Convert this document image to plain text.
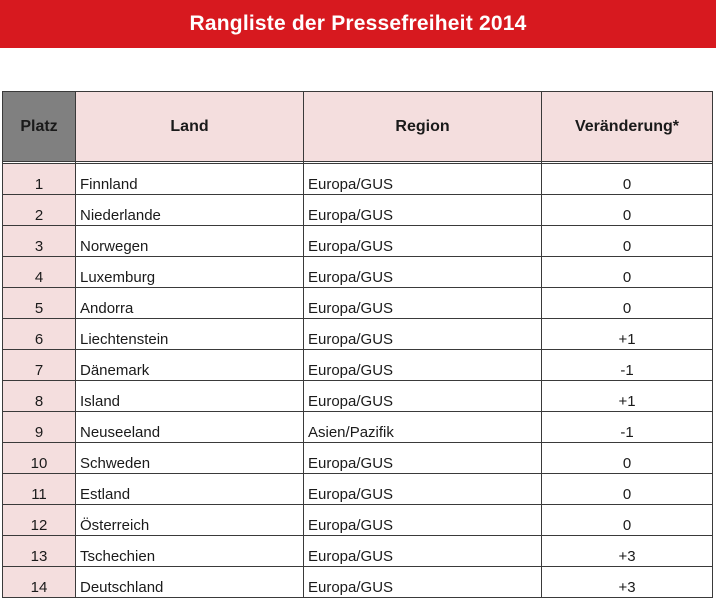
Rangliste der Pressefreiheit 2014
Platz	Land	Region	Veränderung*

1	Finnland	Europa/GUS	0
2	Niederlande	Europa/GUS	0
3	Norwegen	Europa/GUS	0
4	Luxemburg	Europa/GUS	0
5	Andorra	Europa/GUS	0
6	Liechtenstein	Europa/GUS	+1
7	Dänemark	Europa/GUS	-1
8	Island	Europa/GUS	+1
9	Neuseeland	Asien/Pazifik	-1
10	Schweden	Europa/GUS	0
11	Estland	Europa/GUS	0
12	Österreich	Europa/GUS	0
13	Tschechien	Europa/GUS	+3
14	Deutschland	Europa/GUS	+3
